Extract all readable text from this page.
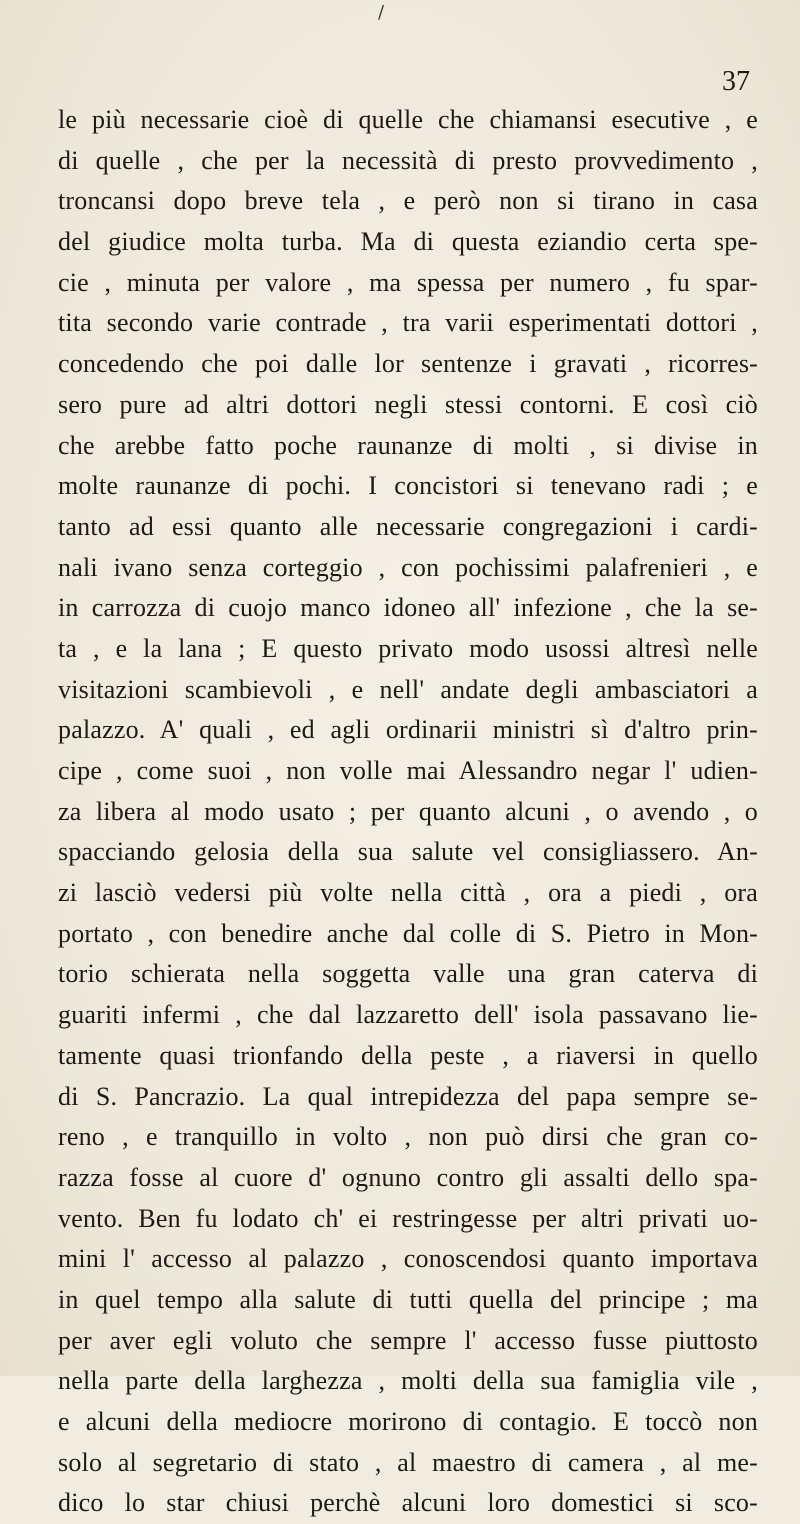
/
37
le più necessarie cioè di quelle che chiamansi esecutive , e
di quelle , che per la necessità di presto provvedimento ,
troncansi dopo breve tela , e però non si tirano in casa
del giudice molta turba. Ma di questa eziandio certa spe-
cie , minuta per valore , ma spessa per numero , fu spar-
tita secondo varie contrade , tra varii esperimentati dottori ,
concedendo che poi dalle lor sentenze i gravati , ricorres-
sero pure ad altri dottori negli stessi contorni. E così ciò
che arebbe fatto poche raunanze di molti , si divise in
molte raunanze di pochi. I concistori si tenevano radi ; e
tanto ad essi quanto alle necessarie congregazioni i cardi-
nali ivano senza corteggio , con pochissimi palafrenieri , e
in carrozza di cuojo manco idoneo all' infezione , che la se-
ta , e la lana ; E questo privato modo usossi altresì nelle
visitazioni scambievoli , e nell' andate degli ambasciatori a
palazzo. A' quali , ed agli ordinarii ministri sì d'altro prin-
cipe , come suoi , non volle mai Alessandro negar l' udien-
za libera al modo usato ; per quanto alcuni , o avendo , o
spacciando gelosia della sua salute vel consigliassero. An-
zi lasciò vedersi più volte nella città , ora a piedi , ora
portato , con benedire anche dal colle di S. Pietro in Mon-
torio schierata nella soggetta valle una gran caterva di
guariti infermi , che dal lazzaretto dell' isola passavano lie-
tamente quasi trionfando della peste , a riaversi in quello
di S. Pancrazio. La qual intrepidezza del papa sempre se-
reno , e tranquillo in volto , non può dirsi che gran co-
razza fosse al cuore d' ognuno contro gli assalti dello spa-
vento. Ben fu lodato ch' ei restringesse per altri privati uo-
mini l' accesso al palazzo , conoscendosi quanto importava
in quel tempo alla salute di tutti quella del principe ; ma
per aver egli voluto che sempre l' accesso fusse piuttosto
nella parte della larghezza , molti della sua famiglia vile ,
e alcuni della mediocre morirono di contagio. E toccò non
solo al segretario di stato , al maestro di camera , al me-
dico lo star chiusi perchè alcuni loro domestici si sco-
